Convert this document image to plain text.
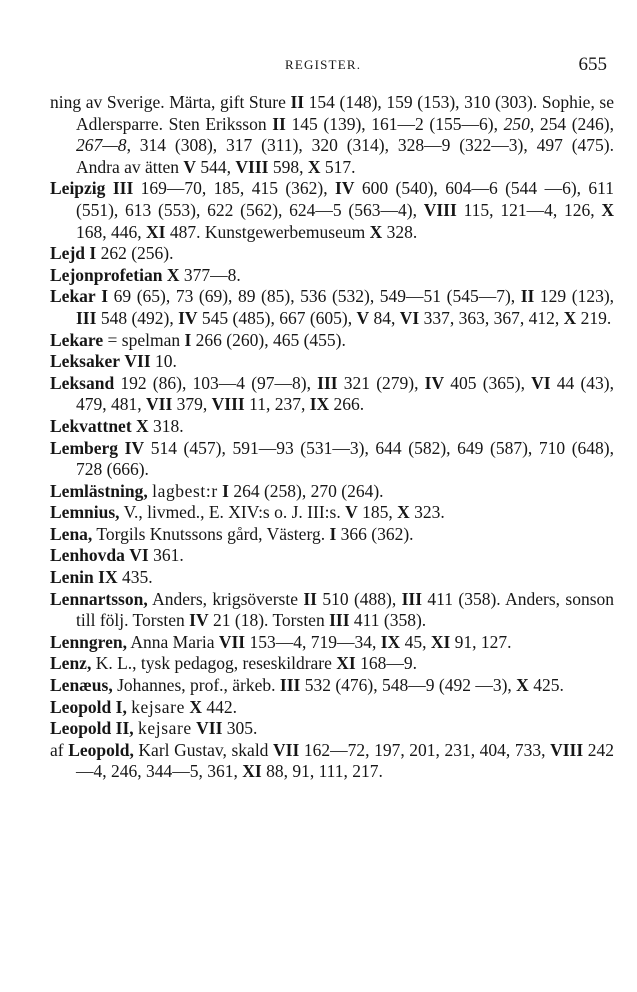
REGISTER.	655
ning av Sverige. Märta, gift Sture II 154 (148), 159 (153), 310 (303). Sophie, se Adlersparre. Sten Eriksson II 145 (139), 161—2 (155—6), 250, 254 (246), 267—8, 314 (308), 317 (311), 320 (314), 328—9 (322—3), 497 (475). Andra av ätten V 544, VIII 598, X 517.
Leipzig III 169—70, 185, 415 (362), IV 600 (540), 604—6 (544 —6), 611 (551), 613 (553), 622 (562), 624—5 (563—4), VIII 115, 121—4, 126, X 168, 446, XI 487. Kunstgewerbemuseum X 328.
Lejd I 262 (256).
Lejonprofetian X 377—8.
Lekar I 69 (65), 73 (69), 89 (85), 536 (532), 549—51 (545—7), II 129 (123), III 548 (492), IV 545 (485), 667 (605), V 84, VI 337, 363, 367, 412, X 219.
Lekare = spelman I 266 (260), 465 (455).
Leksaker VII 10.
Leksand 192 (86), 103—4 (97—8), III 321 (279), IV 405 (365), VI 44 (43), 479, 481, VII 379, VIII 11, 237, IX 266.
Lekvattnet X 318.
Lemberg IV 514 (457), 591—93 (531—3), 644 (582), 649 (587), 710 (648), 728 (666).
Lemlästning, lagbest:r I 264 (258), 270 (264).
Lemnius, V., livmed., E. XIV:s o. J. III:s. V 185, X 323.
Lena, Torgils Knutssons gård, Västerg. I 366 (362).
Lenhovda VI 361.
Lenin IX 435.
Lennartsson, Anders, krigsöverste II 510 (488), III 411 (358). Anders, sonson till följ. Torsten IV 21 (18). Torsten III 411 (358).
Lenngren, Anna Maria VII 153—4, 719—34, IX 45, XI 91, 127.
Lenz, K. L., tysk pedagog, reseskildrare XI 168—9.
Lenæus, Johannes, prof., ärkeb. III 532 (476), 548—9 (492 —3), X 425.
Leopold I, kejsare X 442.
Leopold II, kejsare VII 305.
af Leopold, Karl Gustav, skald VII 162—72, 197, 201, 231, 404, 733, VIII 242—4, 246, 344—5, 361, XI 88, 91, 111, 217.
